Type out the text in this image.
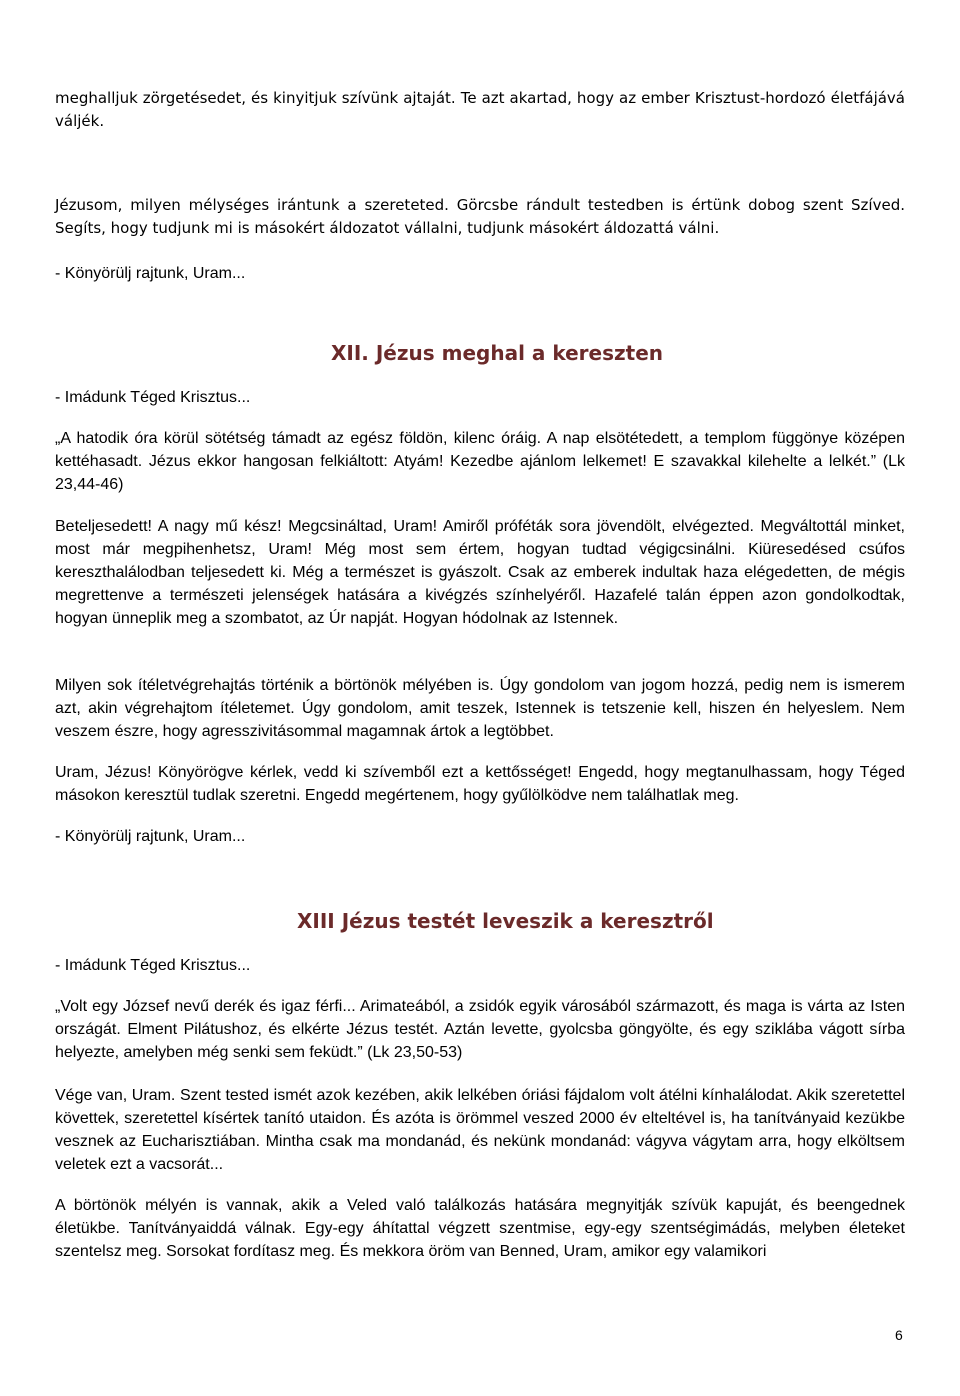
meghalljuk zörgetésedet, és kinyitjuk szívünk ajtaját. Te azt akartad, hogy az ember Krisztust-hordozó életfájává váljék.

Jézusom, milyen mélységes irántunk a szereteted. Görcsbe rándult testedben is értünk dobog szent Szíved. Segíts, hogy tudjunk mi is másokért áldozatot vállalni, tudjunk másokért áldozattá válni.

- Könyörülj rajtunk, Uram...

XII. Jézus meghal a kereszten

- Imádunk Téged Krisztus...

„A hatodik óra körül sötétség támadt az egész földön, kilenc óráig. A nap elsötétedett, a templom függönye középen kettéhasadt. Jézus ekkor hangosan felkiáltott: Atyám! Kezedbe ajánlom lelkemet! E szavakkal kilehelte a lelkét.” (Lk 23,44-46)

Beteljesedett! A nagy mű kész! Megcsináltad, Uram! Amiről próféták sora jövendölt, elvégezted. Megváltottál minket, most már megpihenhetsz, Uram! Még most sem értem, hogyan tudtad végigcsinálni. Kiüresedésed csúfos kereszthalálodban teljesedett ki. Még a természet is gyászolt. Csak az emberek indultak haza elégedetten, de mégis megrettenve a természeti jelenségek hatására a kivégzés színhelyéről. Hazafelé talán éppen azon gondolkodtak, hogyan ünneplik meg a szombatot, az Úr napját. Hogyan hódolnak az Istennek.

Milyen sok ítéletvégrehajtás történik a börtönök mélyében is. Úgy gondolom van jogom hozzá, pedig nem is ismerem azt, akin végrehajtom ítéletemet. Úgy gondolom, amit teszek, Istennek is tetszenie kell, hiszen én helyeslem. Nem veszem észre, hogy agresszivitásommal magamnak ártok a legtöbbet.

Uram, Jézus! Könyörögve kérlek, vedd ki szívemből ezt a kettősséget! Engedd, hogy megtanulhassam, hogy Téged másokon keresztül tudlak szeretni. Engedd megértenem, hogy gyűlölködve nem találhatlak meg.

- Könyörülj rajtunk, Uram...

XIII Jézus testét leveszik a keresztről

- Imádunk Téged Krisztus...

„Volt egy József nevű derék és igaz férfi... Arimateából, a zsidók egyik városából származott, és maga is várta az Isten országát. Elment Pilátushoz, és elkérte Jézus testét. Aztán levette, gyolcsba göngyölte, és egy sziklába vágott sírba helyezte, amelyben még senki sem feküdt.” (Lk 23,50-53)

Vége van, Uram. Szent tested ismét azok kezében, akik lelkében óriási fájdalom volt átélni kínhalálodat. Akik szeretettel követtek, szeretettel kísértek tanító utaidon. És azóta is örömmel veszed 2000 év elteltével is, ha tanítványaid kezükbe vesznek az Eucharisztiában. Mintha csak ma mondanád, és nekünk mondanád: vágyva vágytam arra, hogy elköltsem veletek ezt a vacsorát...

A börtönök mélyén is vannak, akik a Veled való találkozás hatására megnyitják szívük kapuját, és beengednek életükbe. Tanítványaiddá válnak. Egy-egy áhítattal végzett szentmise, egy-egy szentségimádás, melyben életeket szentelsz meg. Sorsokat fordítasz meg. És mekkora öröm van Benned, Uram, amikor egy valamikori

6
